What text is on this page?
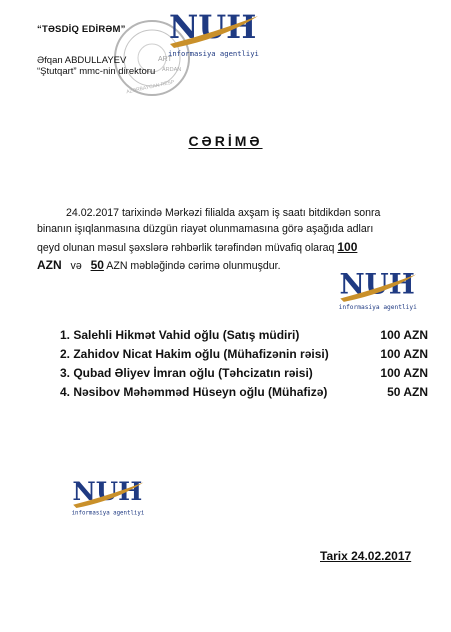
“TƏSDİQ EDİRƏM”
ART
ÄRDAN
AZƏRBAYCAN RESP
Əfqan ABDULLAYEV
“Ştutqart” mmc-nin direktoru
NUH
informasiya agentliyi
CƏRİMƏ
24.02.2017 tarixində Mərkəzi filialda axşam iş saatı bitdikdən sonra
binanın işıqlanmasına düzgün riayət olunmamasına görə aşağıda adları
qeyd olunan məsul şəxslərə rəhbərlik tərəfindən müvafiq olaraq 100
AZN və 50 AZN məbləğində cərimə olunmuşdur.
NUH
informasiya agentliyi
1. Salehli Hikmət Vahid oğlu (Satış müdiri)	100 AZN
2. Zahidov Nicat Hakim oğlu (Mühafizənin rəisi)	100 AZN
3. Qubad Əliyev İmran oğlu (Təhcizatın rəisi)	100 AZN
4. Nəsibov Məhəmməd Hüseyn oğlu (Mühafizə)	50 AZN
NUH
informasiya agentliyi
Tarix 24.02.2017
